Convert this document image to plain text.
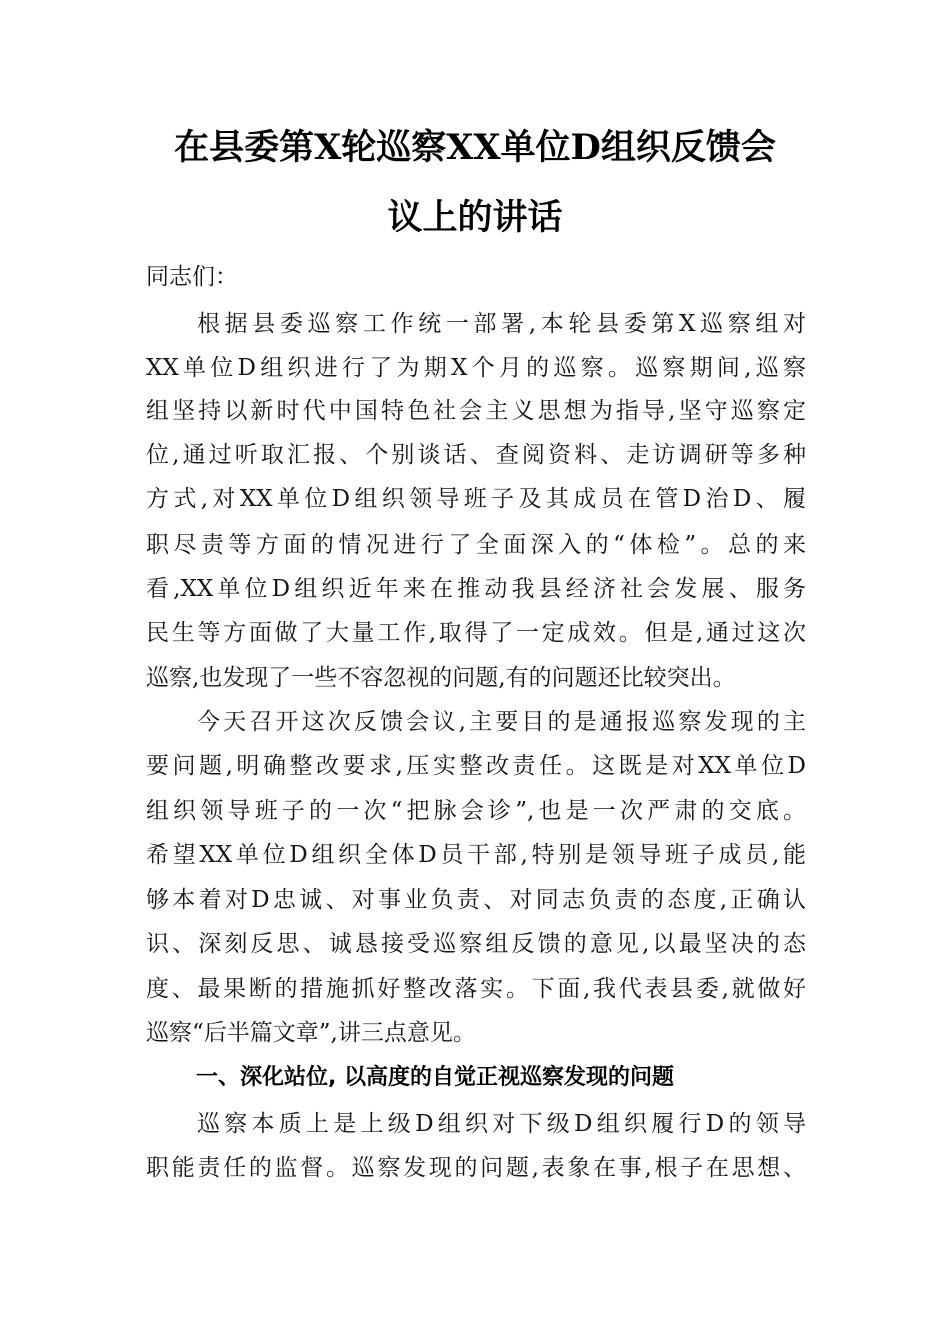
在县委第X轮巡察XX单位D组织反馈会
议上的讲话
同志们：
根据县委巡察工作统一部署,本轮县委第X巡察组对
XX单位D组织进行了为期X个月的巡察。巡察期间,巡察
组坚持以新时代中国特色社会主义思想为指导,坚守巡察定
位,通过听取汇报、个别谈话、查阅资料、走访调研等多种
方式,对XX单位D组织领导班子及其成员在管D治D、履
职尽责等方面的情况进行了全面深入的“体检”。总的来
看,XX单位D组织近年来在推动我县经济社会发展、服务
民生等方面做了大量工作,取得了一定成效。但是,通过这次
巡察,也发现了一些不容忽视的问题,有的问题还比较突出。
今天召开这次反馈会议,主要目的是通报巡察发现的主
要问题,明确整改要求,压实整改责任。这既是对XX单位D
组织领导班子的一次“把脉会诊”,也是一次严肃的交底。
希望XX单位D组织全体D员干部,特别是领导班子成员,能
够本着对D忠诚、对事业负责、对同志负责的态度,正确认
识、深刻反思、诚恳接受巡察组反馈的意见,以最坚决的态
度、最果断的措施抓好整改落实。下面,我代表县委,就做好
巡察“后半篇文章”,讲三点意见。
一、深化站位, 以高度的自觉正视巡察发现的问题
巡察本质上是上级D组织对下级D组织履行D的领导
职能责任的监督。巡察发现的问题,表象在事,根子在思想、
